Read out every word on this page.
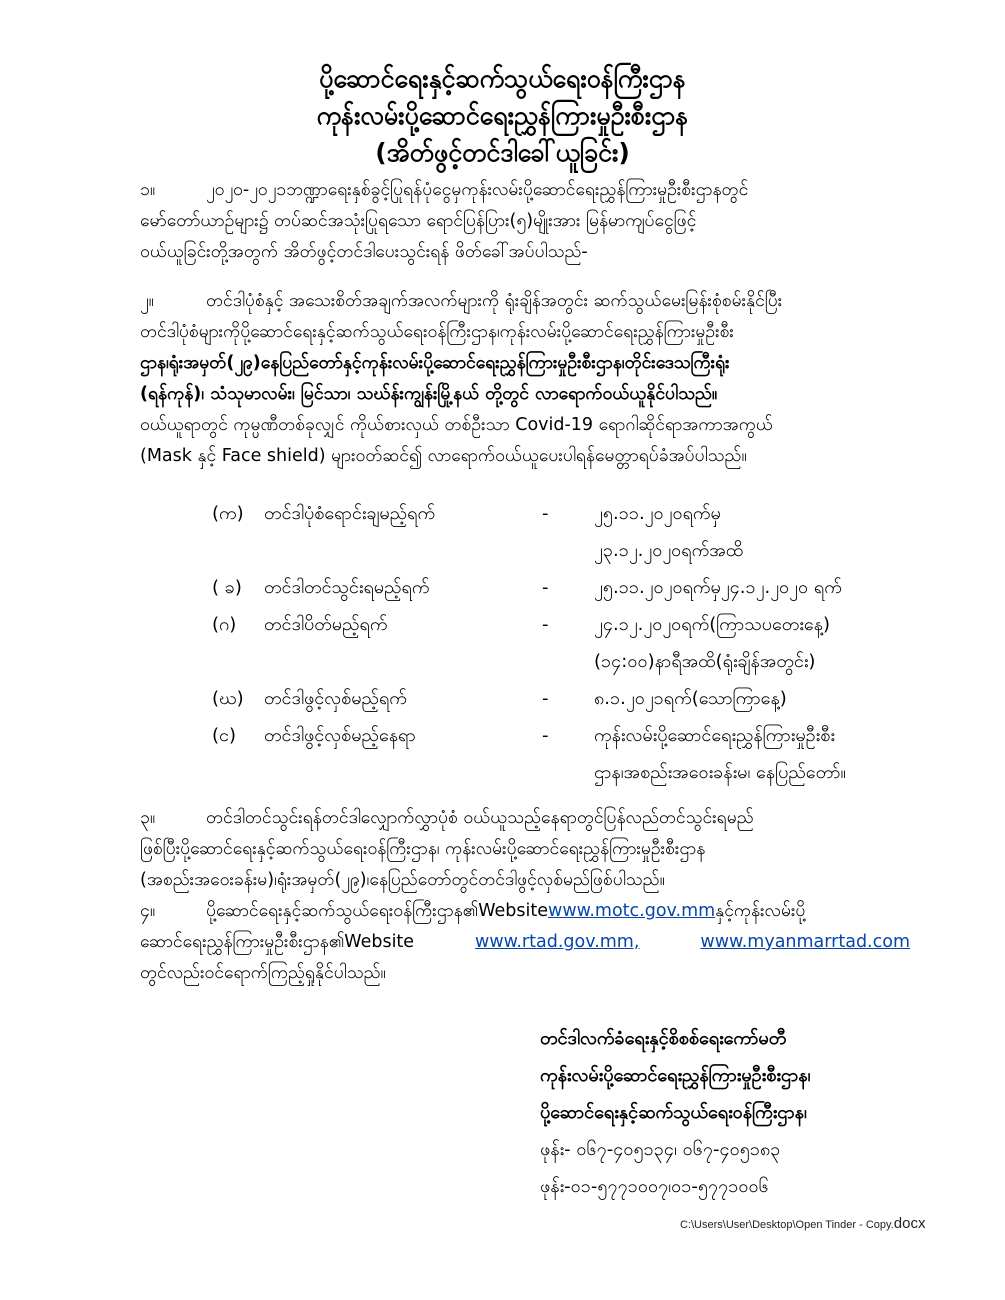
ပို့ဆောင်ရေးနှင့်ဆက်သွယ်ရေးဝန်ကြီးဌာန
ကုန်းလမ်းပို့ဆောင်ရေးညွှန်ကြားမှုဦးစီးဌာန
(အိတ်ဖွင့်တင်ဒါခေါ်ယူခြင်း)
၁။	၂၀၂၀-၂၀၂၁ဘဏ္ဍာရေးနှစ်ခွင့်ပြုရန်ပုံငွေမှကုန်းလမ်းပို့ဆောင်ရေးညွှန်ကြားမှုဦးစီးဌာနတွင်
မော်တော်ယာဉ်များ၌ တပ်ဆင်အသုံးပြုရသော ရောင်ပြန်ပြား(၅)မျိုးအား မြန်မာကျပ်ငွေဖြင့်
ဝယ်ယူခြင်းတို့အတွက် အိတ်ဖွင့်တင်ဒါပေးသွင်းရန် ဖိတ်ခေါ်အပ်ပါသည်-
၂။	တင်ဒါပုံစံနှင့် အသေးစိတ်အချက်အလက်များကို ရုံးချိန်အတွင်း ဆက်သွယ်မေးမြန်းစုံစမ်းနိုင်ပြီး
တင်ဒါပုံစံများကိုပို့ဆောင်ရေးနှင့်ဆက်သွယ်ရေးဝန်ကြီးဌာန၊ကုန်းလမ်းပို့ဆောင်ရေးညွှန်ကြားမှုဦးစီး
ဌာန၊ရုံးအမှတ်(၂၉)နေပြည်တော်နှင့်ကုန်းလမ်းပို့ဆောင်ရေးညွှန်ကြားမှုဦးစီးဌာန၊တိုင်းဒေသကြီးရုံး
(ရန်ကုန်)၊ သံသုမာလမ်း၊ မြင်သာ၊ သဃ်န်းကျွန်းမြို့နယ် တို့တွင် လာရောက်ဝယ်ယူနိုင်ပါသည်။
ဝယ်ယူရာတွင် ကုမ္ပဏီတစ်ခုလျှင် ကိုယ်စားလှယ် တစ်ဦးသာ Covid-19 ရောဂါဆိုင်ရာအကာအကွယ်
(Mask နှင့် Face shield) များဝတ်ဆင်၍ လာရောက်ဝယ်ယူပေးပါရန်မေတ္တာရပ်ခံအပ်ပါသည်။
(က) တင်ဒါပုံစံရောင်းချမည့်ရက်	-	၂၅.၁၁.၂၀၂၀ရက်မှ
၂၃.၁၂.၂၀၂၀ရက်အထိ
( ခ) တင်ဒါတင်သွင်းရမည့်ရက်	-	၂၅.၁၁.၂၀၂၀ရက်မှ၂၄.၁၂.၂၀၂၀ ရက်
(ဂ) တင်ဒါပိတ်မည့်ရက်	-	၂၄.၁၂.၂၀၂၀ရက်(ကြာသပတေးနေ့)
(၁၄:၀၀)နာရီအထိ(ရုံးချိန်အတွင်း)
(ဃ) တင်ဒါဖွင့်လှစ်မည့်ရက်	-	၈.၁.၂၀၂၁ရက်(သောကြာနေ့)
(င) တင်ဒါဖွင့်လှစ်မည့်နေရာ	-	ကုန်းလမ်းပို့ဆောင်ရေးညွှန်ကြားမှုဦးစီး
ဌာန၊အစည်းအဝေးခန်းမ၊ နေပြည်တော်။
၃။	တင်ဒါတင်သွင်းရန်တင်ဒါလျှောက်လွှာပုံစံ ဝယ်ယူသည့်နေရာတွင်ပြန်လည်တင်သွင်းရမည်
ဖြစ်ပြီးပို့ဆောင်ရေးနှင့်ဆက်သွယ်ရေးဝန်ကြီးဌာန၊ ကုန်းလမ်းပို့ဆောင်ရေးညွှန်ကြားမှုဦးစီးဌာန
(အစည်းအဝေးခန်းမ)၊ရုံးအမှတ်(၂၉)၊နေပြည်တော်တွင်တင်ဒါဖွင့်လှစ်မည်ဖြစ်ပါသည်။
၄။	ပို့ဆောင်ရေးနှင့်ဆက်သွယ်ရေးဝန်ကြီးဌာန၏Websitewww.motc.gov.mmနှင့်ကုန်းလမ်းပို့
ဆောင်ရေးညွှန်ကြားမှုဦးစီးဌာန၏Website	www.rtad.gov.mm,	www.myanmarrtad.com
တွင်လည်းဝင်ရောက်ကြည့်ရှုနိုင်ပါသည်။
တင်ဒါလက်ခံရေးနှင့်စိစစ်ရေးကော်မတီ
ကုန်းလမ်းပို့ဆောင်ရေးညွှန်ကြားမှုဦးစီးဌာန၊
ပို့ဆောင်ရေးနှင့်ဆက်သွယ်ရေးဝန်ကြီးဌာန၊
ဖုန်း- ၀၆၇-၄၀၅၁၃၄၊ ၀၆၇-၄၀၅၁၈၃
ဖုန်း-၀၁-၅၇၇၁၀၀၇၊၀၁-၅၇၇၁၀၀၆
C:\Users\User\Desktop\Open Tinder - Copy.docx
